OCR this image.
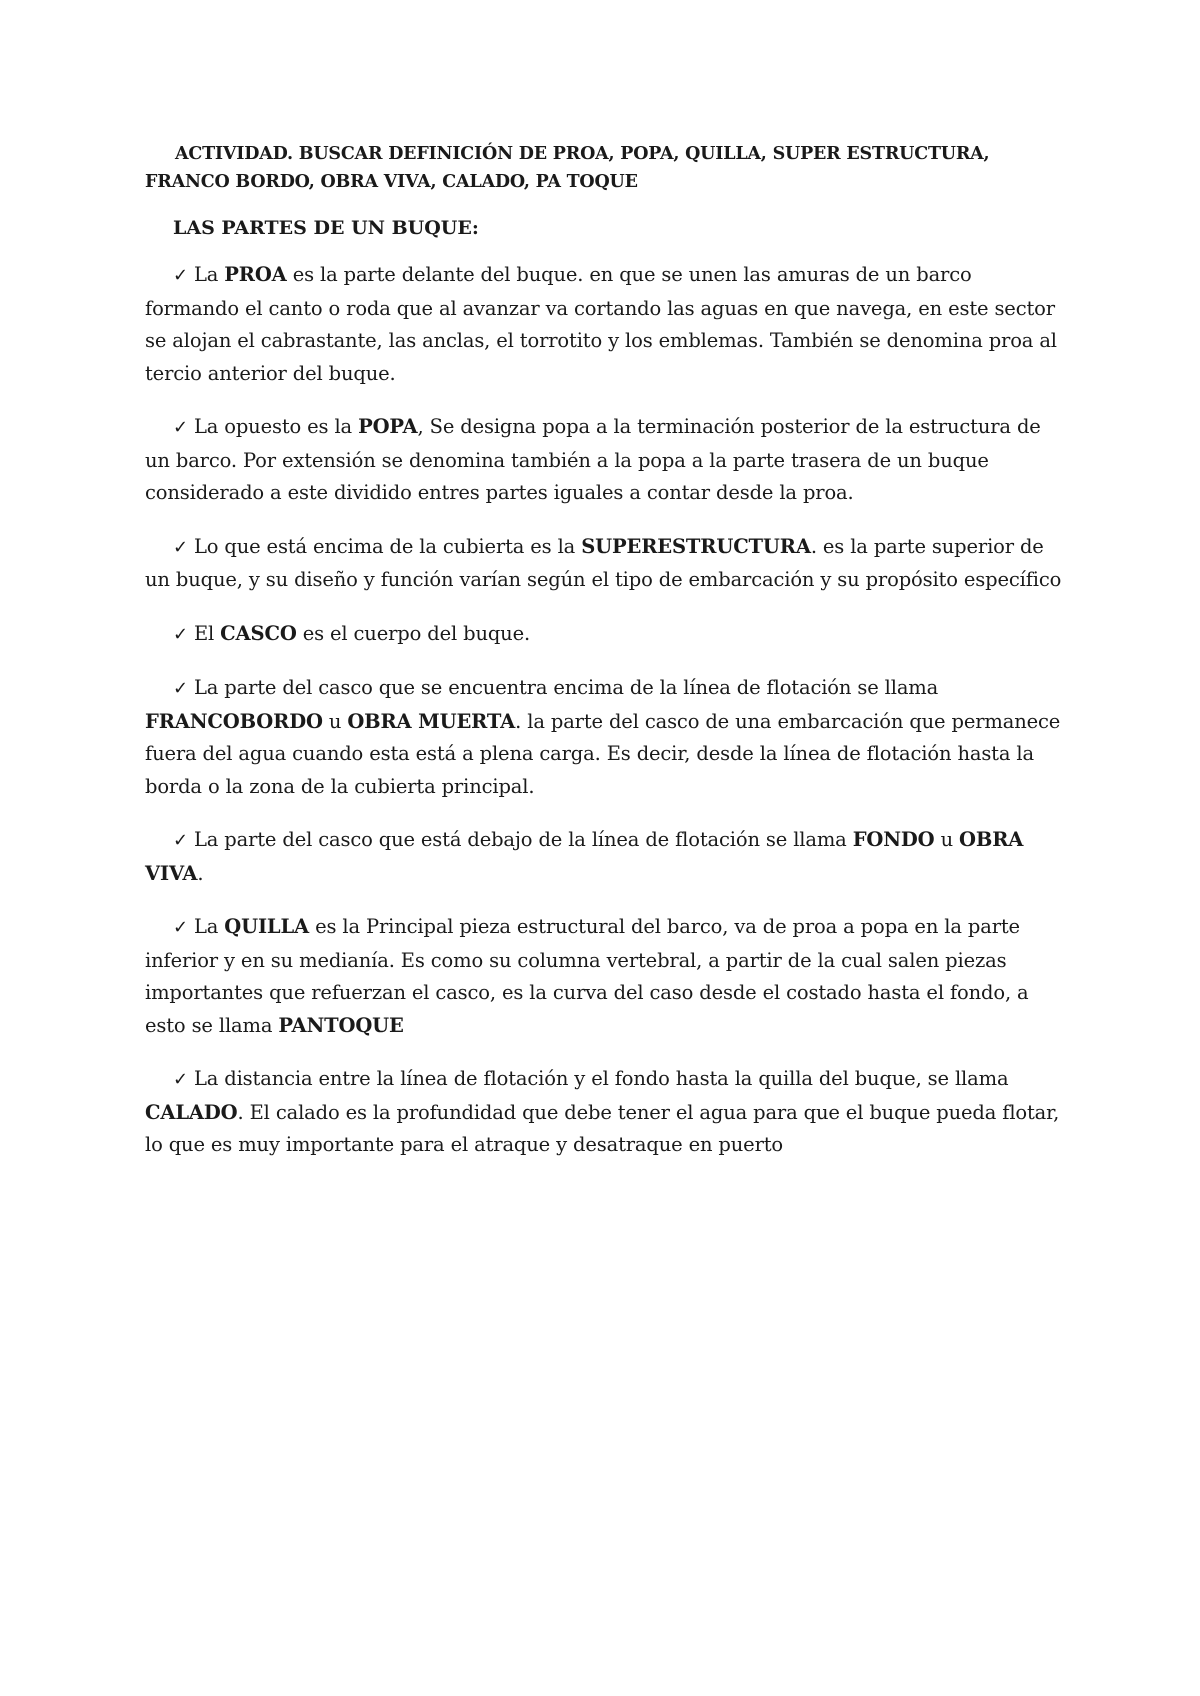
ACTIVIDAD. BUSCAR DEFINICIÓN DE PROA, POPA, QUILLA, SUPER ESTRUCTURA, FRANCO BORDO, OBRA VIVA, CALADO, PA TOQUE

LAS PARTES DE UN BUQUE:

✓ La PROA es la parte delante del buque. en que se unen las amuras de un barco formando el canto o roda que al avanzar va cortando las aguas en que navega, en este sector se alojan el cabrastante, las anclas, el torrotito y los emblemas. También se denomina proa al tercio anterior del buque.

✓ La opuesto es la POPA, Se designa popa a la terminación posterior de la estructura de un barco. Por extensión se denomina también a la popa a la parte trasera de un buque considerado a este dividido entres partes iguales a contar desde la proa.

✓ Lo que está encima de la cubierta es la SUPERESTRUCTURA. es la parte superior de un buque, y su diseño y función varían según el tipo de embarcación y su propósito específico

✓ El CASCO es el cuerpo del buque.

✓ La parte del casco que se encuentra encima de la línea de flotación se llama FRANCOBORDO u OBRA MUERTA. la parte del casco de una embarcación que permanece fuera del agua cuando esta está a plena carga. Es decir, desde la línea de flotación hasta la borda o la zona de la cubierta principal.

✓ La parte del casco que está debajo de la línea de flotación se llama FONDO u OBRA VIVA.

✓ La QUILLA es la Principal pieza estructural del barco, va de proa a popa en la parte inferior y en su medianía. Es como su columna vertebral, a partir de la cual salen piezas importantes que refuerzan el casco, es la curva del caso desde el costado hasta el fondo, a esto se llama PANTOQUE

✓ La distancia entre la línea de flotación y el fondo hasta la quilla del buque, se llama CALADO. El calado es la profundidad que debe tener el agua para que el buque pueda flotar, lo que es muy importante para el atraque y desatraque en puerto
